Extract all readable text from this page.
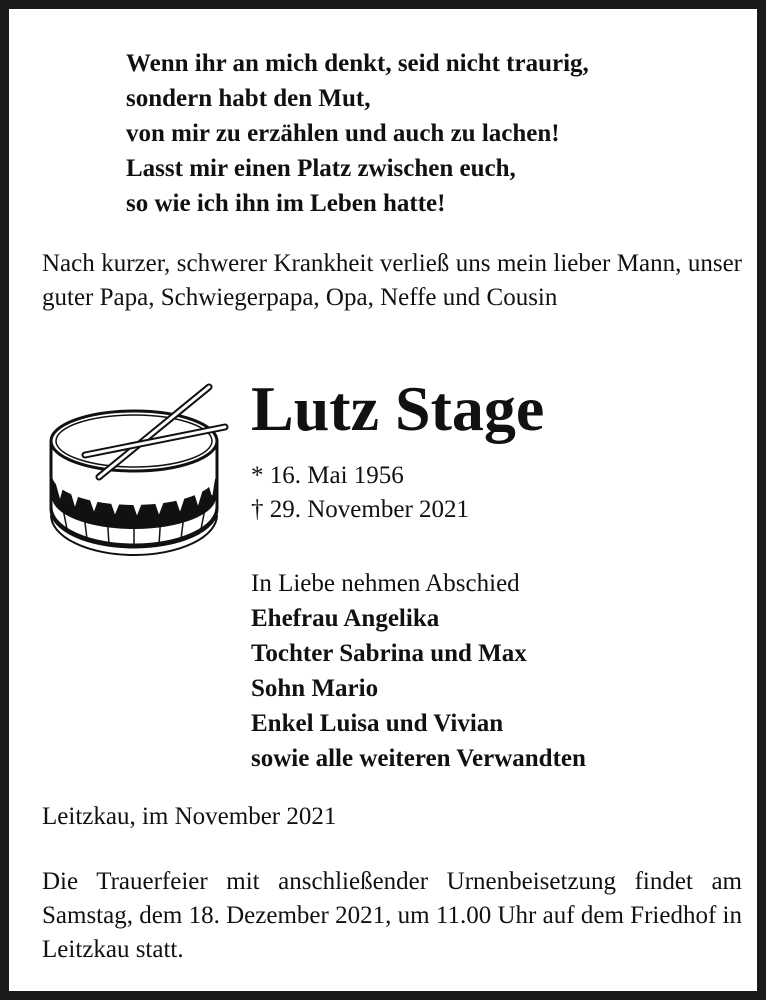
Wenn ihr an mich denkt, seid nicht traurig,
sondern habt den Mut,
von mir zu erzählen und auch zu lachen!
Lasst mir einen Platz zwischen euch,
so wie ich ihn im Leben hatte!
Nach kurzer, schwerer Krankheit verließ uns mein lieber Mann, unser guter Papa, Schwiegerpapa, Opa, Neffe und Cousin
Lutz Stage
* 16. Mai 1956
† 29. November 2021
In Liebe nehmen Abschied
Ehefrau Angelika
Tochter Sabrina und Max
Sohn Mario
Enkel Luisa und Vivian
sowie alle weiteren Verwandten
Leitzkau, im November 2021
Die Trauerfeier mit anschließender Urnenbeisetzung findet am Samstag, dem 18. Dezember 2021, um 11.00 Uhr auf dem Friedhof in Leitzkau statt.
